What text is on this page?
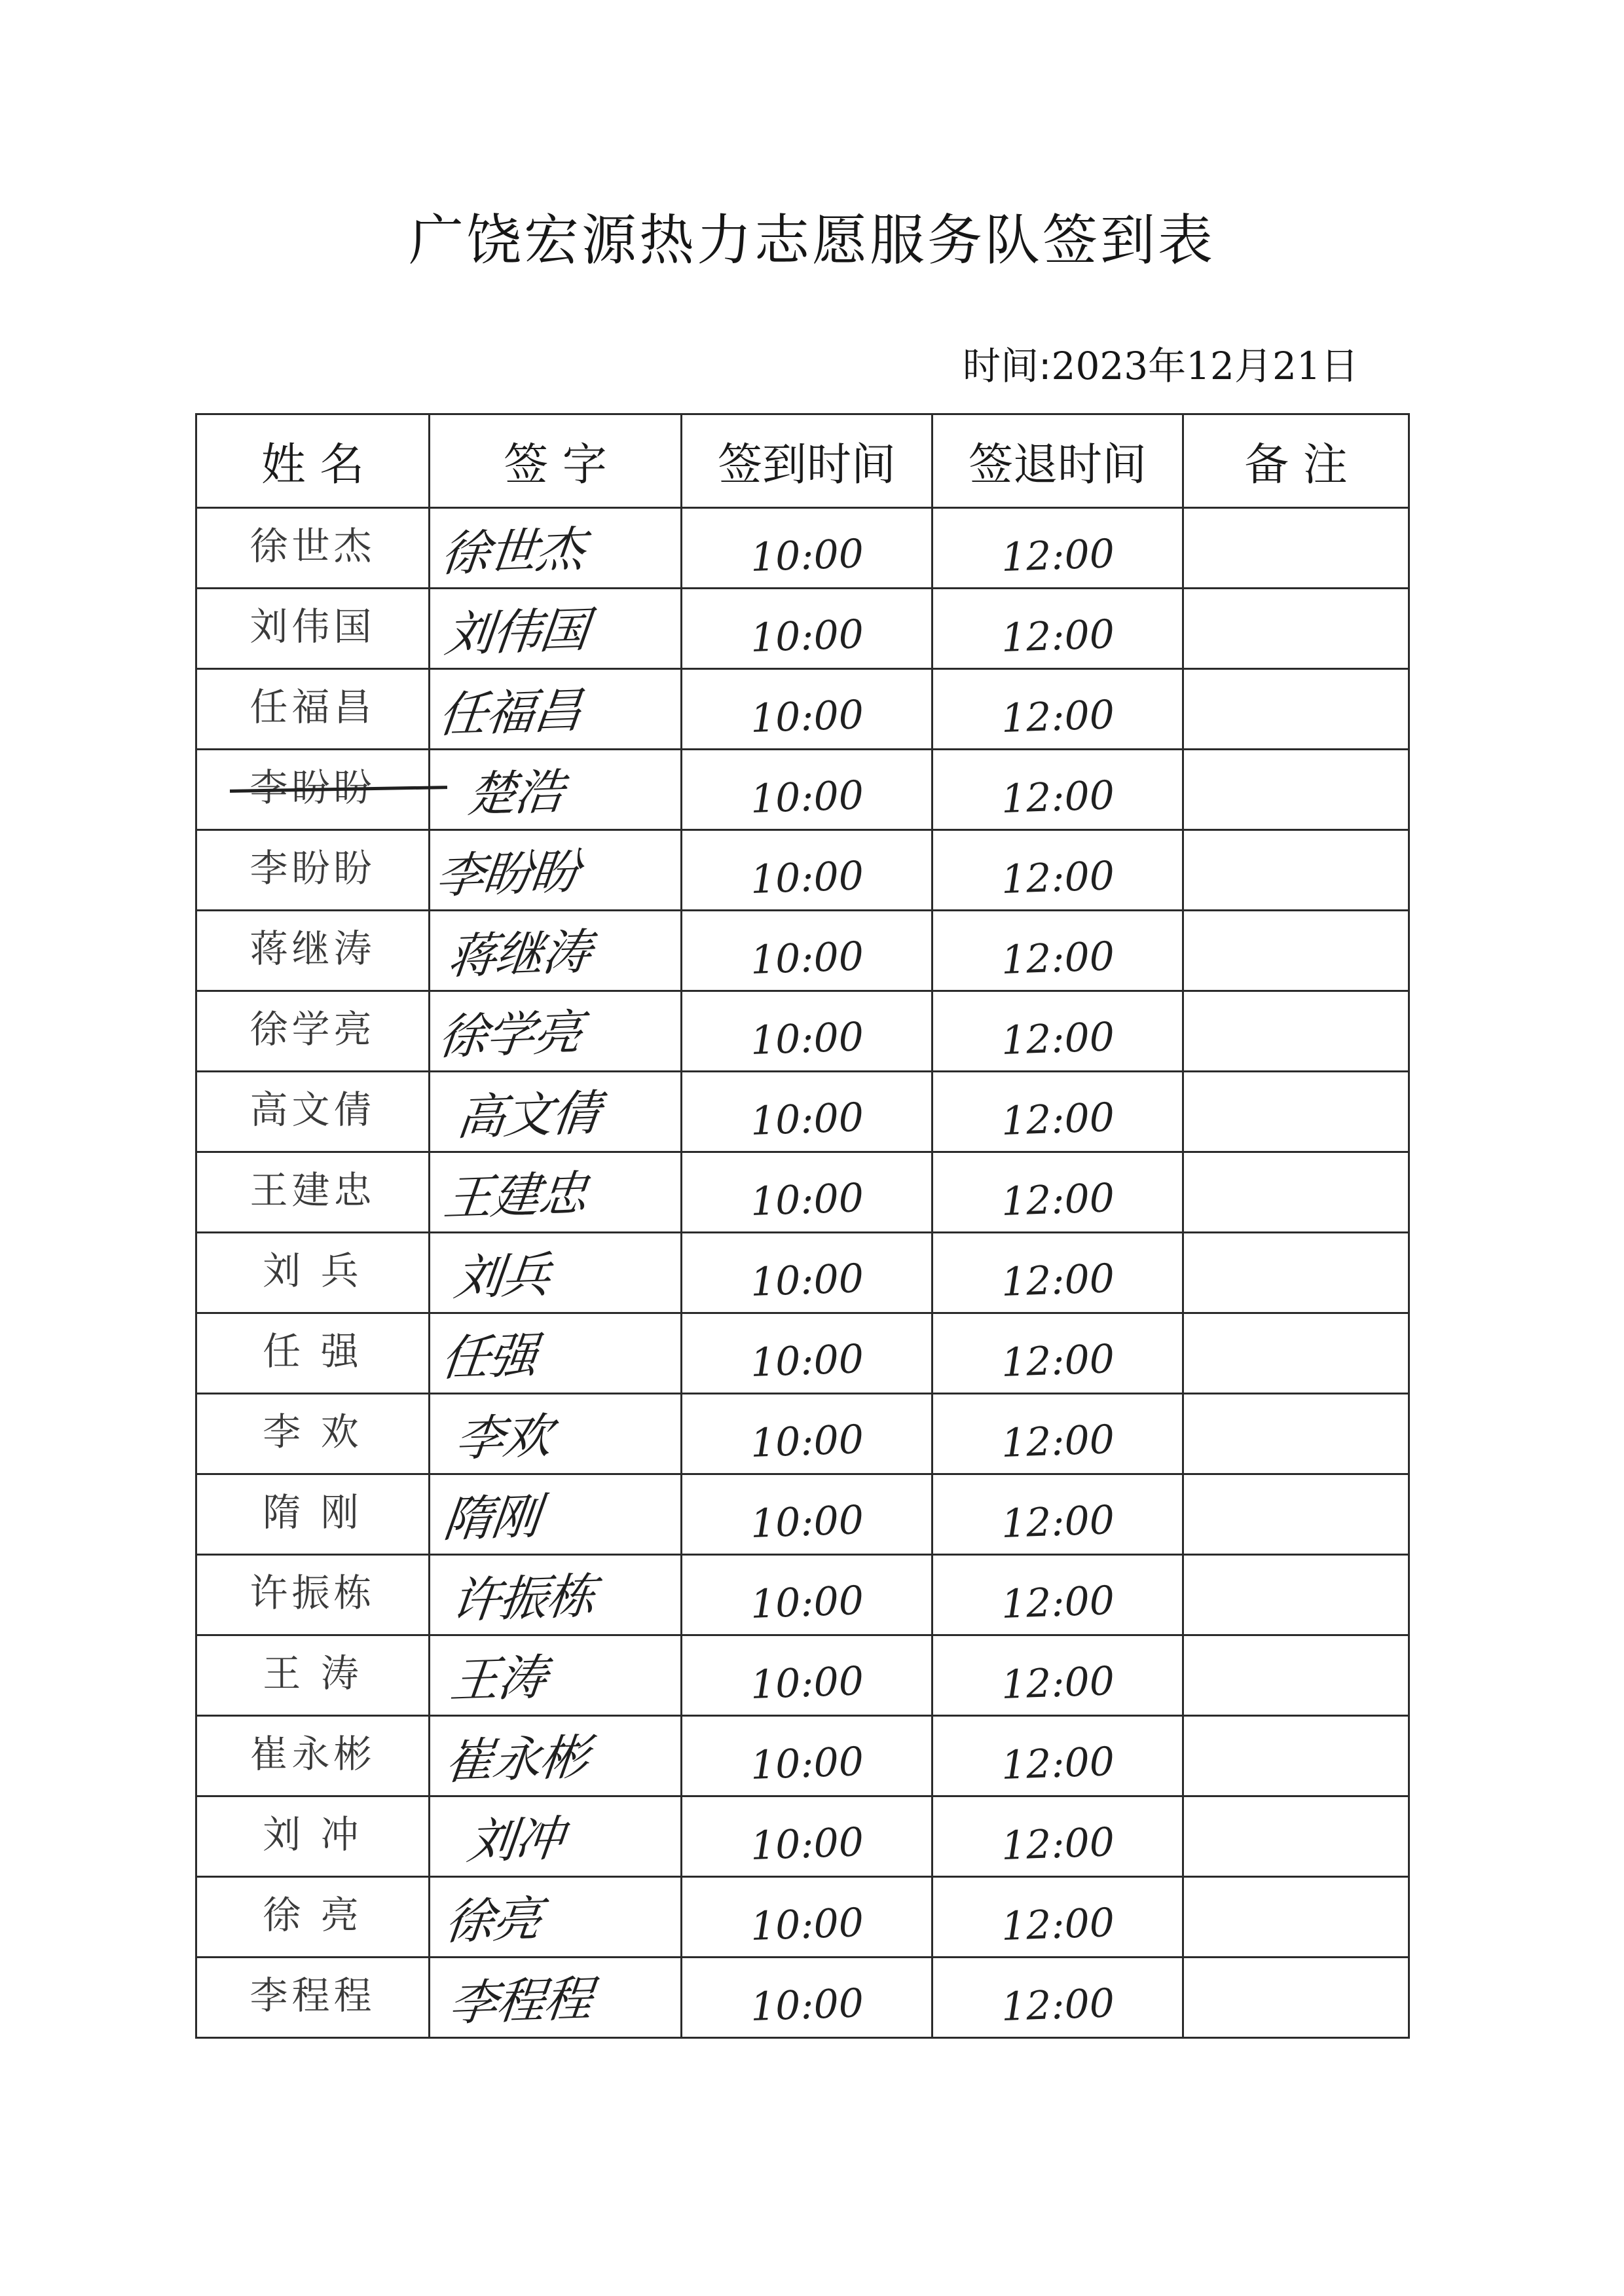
广饶宏源热力志愿服务队签到表
时间:2023年12月21日
姓 名	签 字	签到时间	签退时间	备 注
徐世杰	徐世杰	10:00	12:00	
刘伟国	刘伟国	10:00	12:00	
任福昌	任福昌	10:00	12:00	
李盼盼	楚浩	10:00	12:00	
李盼盼	李盼盼	10:00	12:00	
蒋继涛	蒋继涛	10:00	12:00	
徐学亮	徐学亮	10:00	12:00	
高文倩	高文倩	10:00	12:00	
王建忠	王建忠	10:00	12:00	
刘 兵	刘兵	10:00	12:00	
任 强	任强	10:00	12:00	
李 欢	李欢	10:00	12:00	
隋 刚	隋刚	10:00	12:00	
许振栋	许振栋	10:00	12:00	
王 涛	王涛	10:00	12:00	
崔永彬	崔永彬	10:00	12:00	
刘 冲	刘冲	10:00	12:00	
徐 亮	徐亮	10:00	12:00	
李程程	李程程	10:00	12:00	
